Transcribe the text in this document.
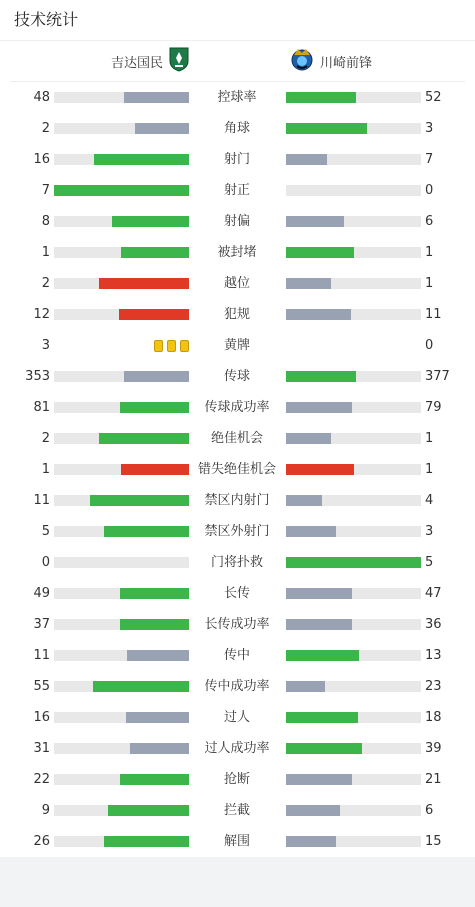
技术统计
吉达国民	川崎前锋
48	控球率	52
2	角球	3
16	射门	7
7	射正	0
8	射偏	6
1	被封堵	1
2	越位	1
12	犯规	11
3	黄牌	0
353	传球	377
81	传球成功率	79
2	绝佳机会	1
1	错失绝佳机会	1
11	禁区内射门	4
5	禁区外射门	3
0	门将扑救	5
49	长传	47
37	长传成功率	36
11	传中	13
55	传中成功率	23
16	过人	18
31	过人成功率	39
22	抢断	21
9	拦截	6
26	解围	15
